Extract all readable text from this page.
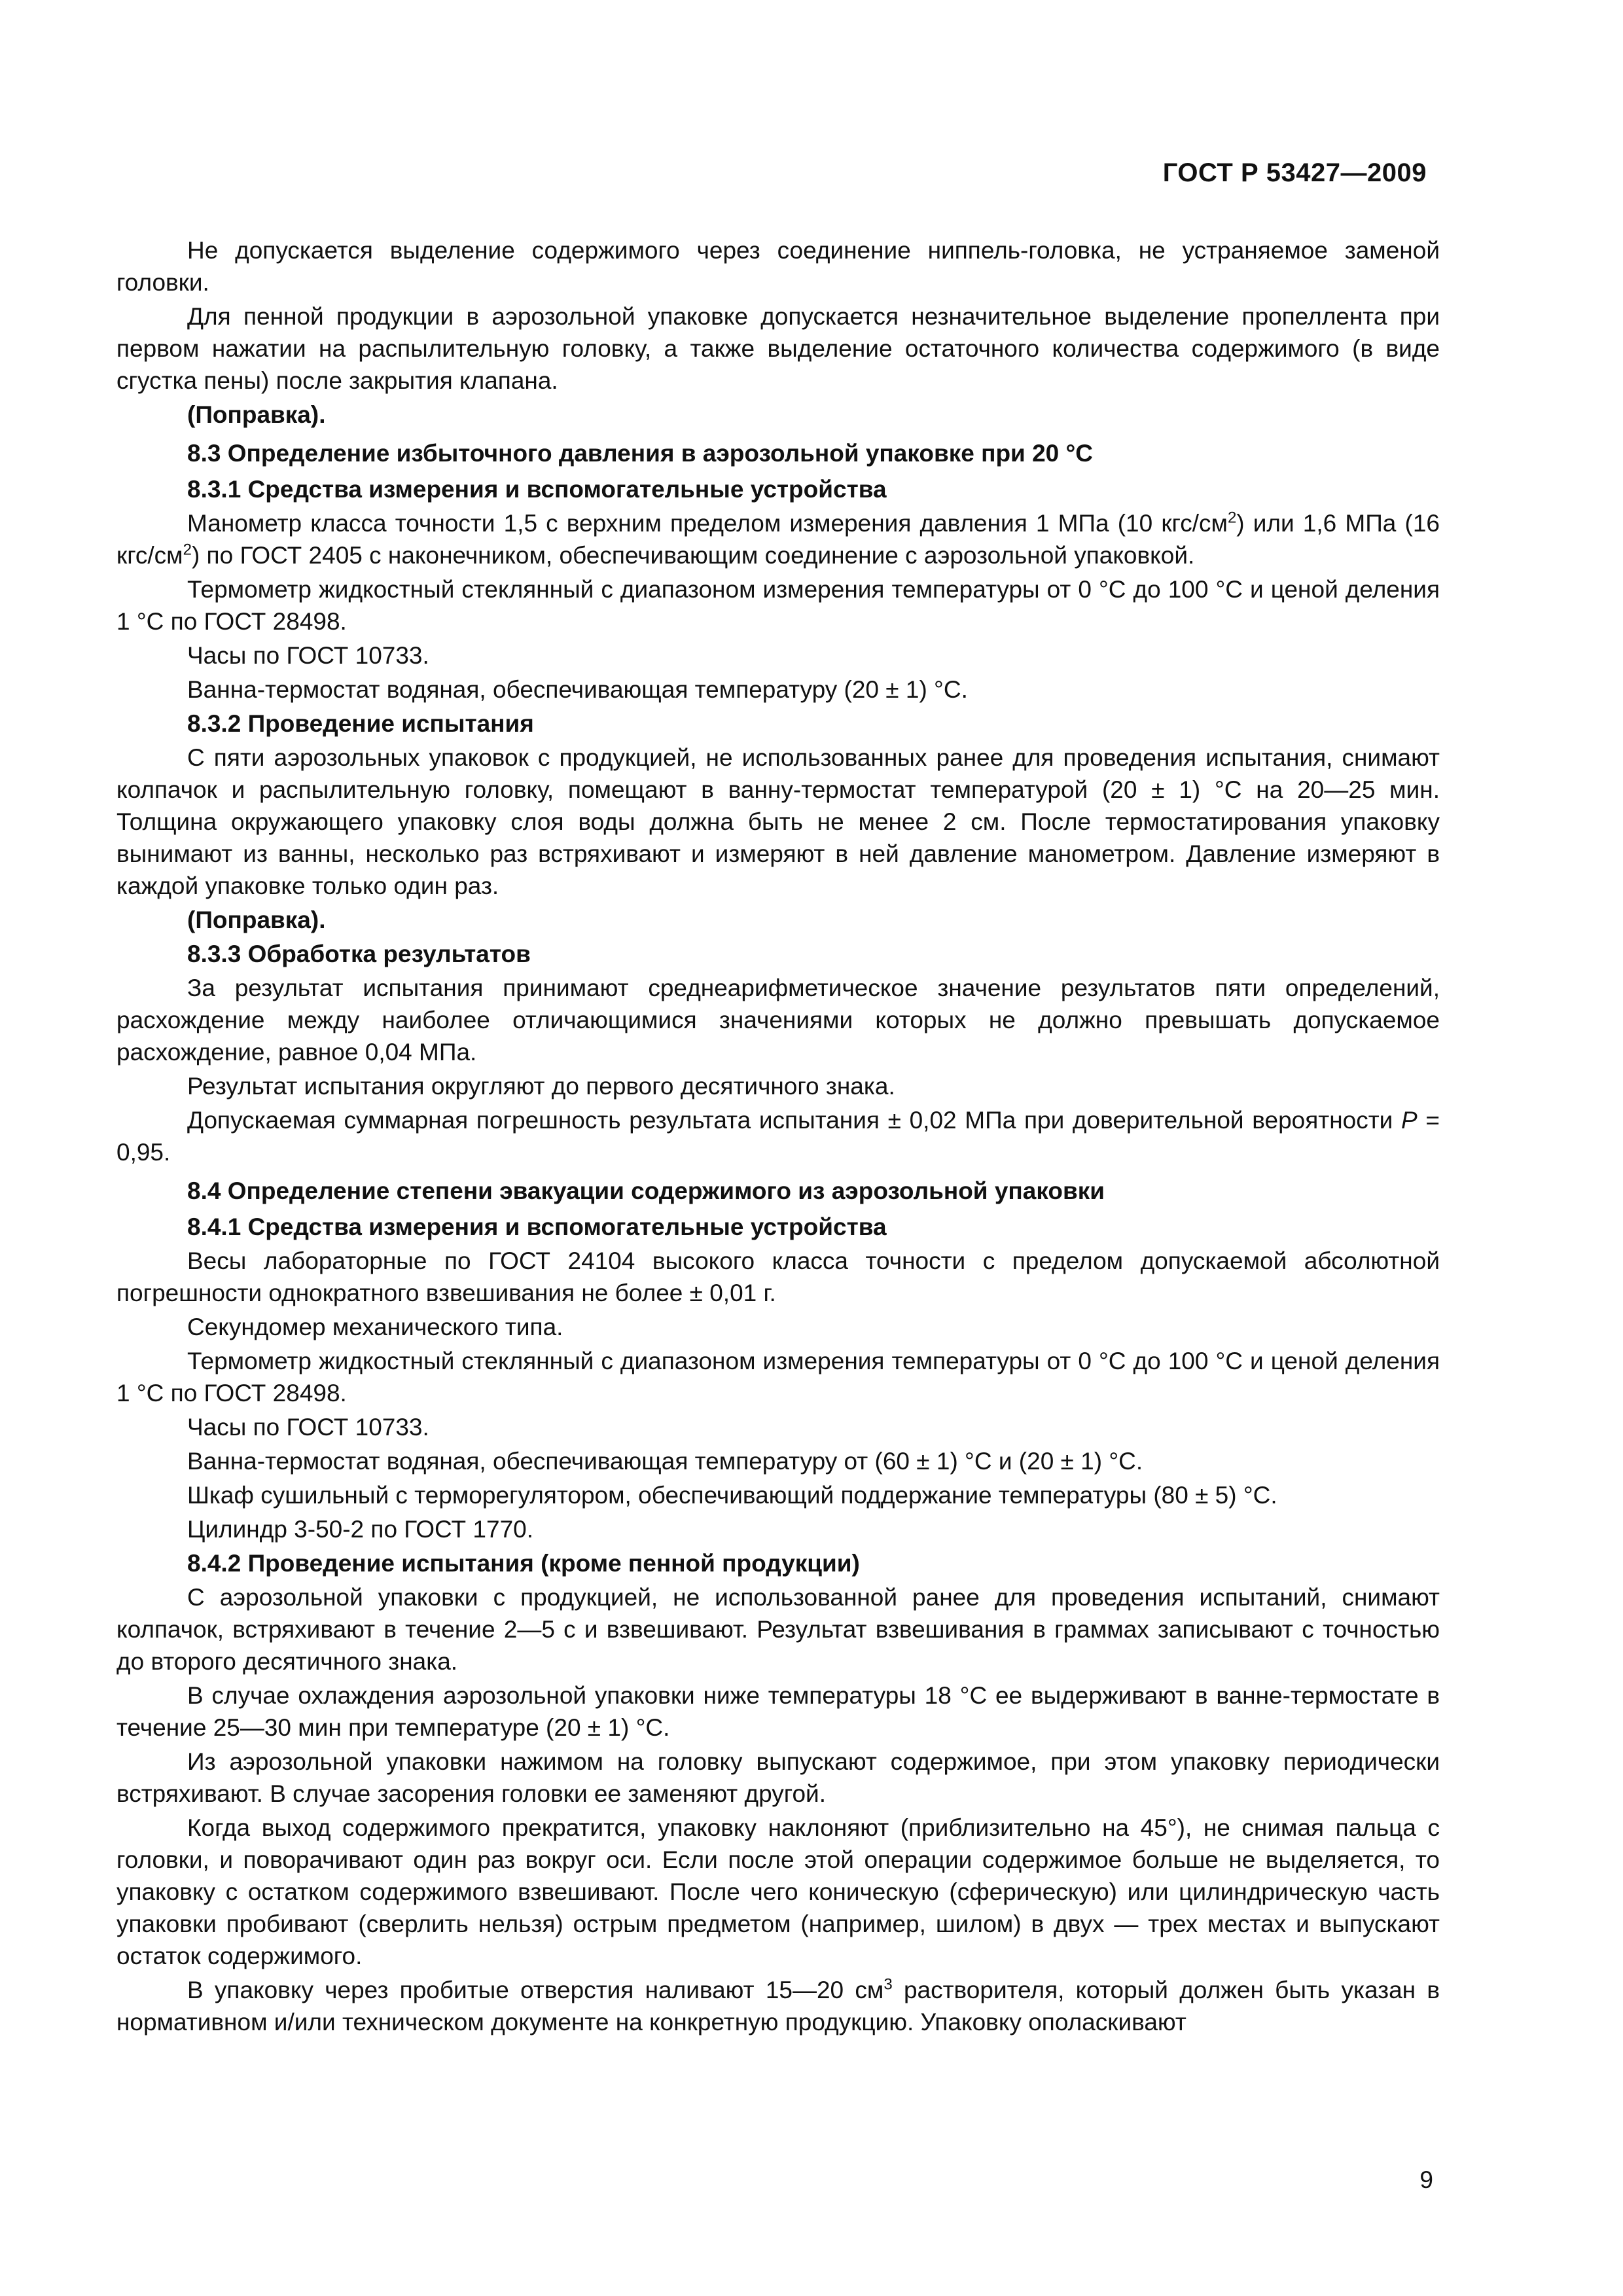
ГОСТ Р 53427—2009

Не допускается выделение содержимого через соединение ниппель-головка, не устраняемое заменой головки.

Для пенной продукции в аэрозольной упаковке допускается незначительное выделение пропеллента при первом нажатии на распылительную головку, а также выделение остаточного количества содержимого (в виде сгустка пены) после закрытия клапана.

(Поправка).

8.3 Определение избыточного давления в аэрозольной упаковке при 20 °С

8.3.1 Средства измерения и вспомогательные устройства

Манометр класса точности 1,5 с верхним пределом измерения давления 1 МПа (10 кгс/$см^2$) или 1,6 МПа (16 кгс/$см^2$) по ГОСТ 2405 с наконечником, обеспечивающим соединение с аэрозольной упаковкой.

Термометр жидкостный стеклянный с диапазоном измерения температуры от 0 °С до 100 °С и ценой деления 1 °С по ГОСТ 28498.

Часы по ГОСТ 10733.

Ванна-термостат водяная, обеспечивающая температуру (20 ± 1) °С.

8.3.2 Проведение испытания

С пяти аэрозольных упаковок с продукцией, не использованных ранее для проведения испытания, снимают колпачок и распылительную головку, помещают в ванну-термостат температурой (20 ± 1) °С на 20—25 мин. Толщина окружающего упаковку слоя воды должна быть не менее 2 см. После термостатирования упаковку вынимают из ванны, несколько раз встряхивают и измеряют в ней давление манометром. Давление измеряют в каждой упаковке только один раз.

(Поправка).

8.3.3 Обработка результатов

За результат испытания принимают среднеарифметическое значение результатов пяти определений, расхождение между наиболее отличающимися значениями которых не должно превышать допускаемое расхождение, равное 0,04 МПа.

Результат испытания округляют до первого десятичного знака.

Допускаемая суммарная погрешность результата испытания ± 0,02 МПа при доверительной вероятности P = 0,95.

8.4 Определение степени эвакуации содержимого из аэрозольной упаковки

8.4.1 Средства измерения и вспомогательные устройства

Весы лабораторные по ГОСТ 24104 высокого класса точности с пределом допускаемой абсолютной погрешности однократного взвешивания не более ± 0,01 г.

Секундомер механического типа.

Термометр жидкостный стеклянный с диапазоном измерения температуры от 0 °С до 100 °С и ценой деления 1 °С по ГОСТ 28498.

Часы по ГОСТ 10733.

Ванна-термостат водяная, обеспечивающая температуру от (60 ± 1) °С и (20 ± 1) °С.

Шкаф сушильный с терморегулятором, обеспечивающий поддержание температуры (80 ± 5) °С.

Цилиндр 3-50-2 по ГОСТ 1770.

8.4.2 Проведение испытания (кроме пенной продукции)

С аэрозольной упаковки с продукцией, не использованной ранее для проведения испытаний, снимают колпачок, встряхивают в течение 2—5 с и взвешивают. Результат взвешивания в граммах записывают с точностью до второго десятичного знака.

В случае охлаждения аэрозольной упаковки ниже температуры 18 °С ее выдерживают в ванне-термостате в течение 25—30 мин при температуре (20 ± 1) °С.

Из аэрозольной упаковки нажимом на головку выпускают содержимое, при этом упаковку периодически встряхивают. В случае засорения головки ее заменяют другой.

Когда выход содержимого прекратится, упаковку наклоняют (приблизительно на 45°), не снимая пальца с головки, и поворачивают один раз вокруг оси. Если после этой операции содержимое больше не выделяется, то упаковку с остатком содержимого взвешивают. После чего коническую (сферическую) или цилиндрическую часть упаковки пробивают (сверлить нельзя) острым предметом (например, шилом) в двух — трех местах и выпускают остаток содержимого.

В упаковку через пробитые отверстия наливают 15—20 $см^3$ растворителя, который должен быть указан в нормативном и/или техническом документе на конкретную продукцию. Упаковку ополаскивают

9
